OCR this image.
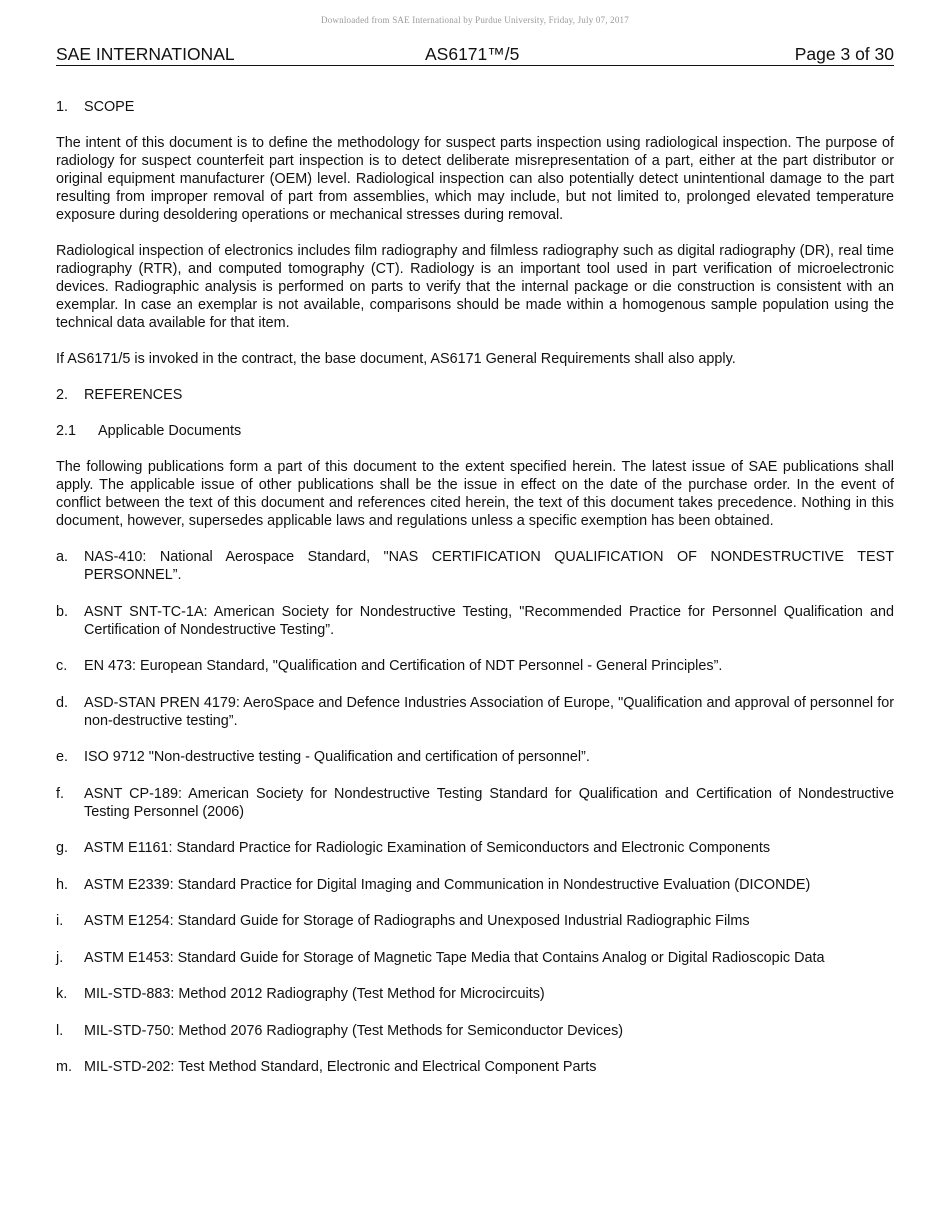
Downloaded from SAE International by Purdue University, Friday, July 07, 2017
SAE INTERNATIONAL	AS6171™/5	Page 3 of 30
1.	SCOPE

The intent of this document is to define the methodology for suspect parts inspection using radiological inspection. The purpose of radiology for suspect counterfeit part inspection is to detect deliberate misrepresentation of a part, either at the part distributor or original equipment manufacturer (OEM) level. Radiological inspection can also potentially detect unintentional damage to the part resulting from improper removal of part from assemblies, which may include, but not limited to, prolonged elevated temperature exposure during desoldering operations or mechanical stresses during removal.

Radiological inspection of electronics includes film radiography and filmless radiography such as digital radiography (DR), real time radiography (RTR), and computed tomography (CT). Radiology is an important tool used in part verification of microelectronic devices. Radiographic analysis is performed on parts to verify that the internal package or die construction is consistent with an exemplar. In case an exemplar is not available, comparisons should be made within a homogenous sample population using the technical data available for that item.

If AS6171/5 is invoked in the contract, the base document, AS6171 General Requirements shall also apply.

2.	REFERENCES
2.1	Applicable Documents

The following publications form a part of this document to the extent specified herein. The latest issue of SAE publications shall apply. The applicable issue of other publications shall be the issue in effect on the date of the purchase order. In the event of conflict between the text of this document and references cited herein, the text of this document takes precedence. Nothing in this document, however, supersedes applicable laws and regulations unless a specific exemption has been obtained.

a.	NAS-410: National Aerospace Standard, "NAS CERTIFICATION QUALIFICATION OF NONDESTRUCTIVE TEST PERSONNEL”.
b.	ASNT SNT-TC-1A: American Society for Nondestructive Testing, "Recommended Practice for Personnel Qualification and Certification of Nondestructive Testing”.
c.	EN 473: European Standard, "Qualification and Certification of NDT Personnel - General Principles”.
d.	ASD-STAN PREN 4179: AeroSpace and Defence Industries Association of Europe, "Qualification and approval of personnel for non-destructive testing”.
e.	ISO 9712 "Non-destructive testing - Qualification and certification of personnel”.
f.	ASNT CP-189: American Society for Nondestructive Testing Standard for Qualification and Certification of Nondestructive Testing Personnel (2006)
g.	ASTM E1161: Standard Practice for Radiologic Examination of Semiconductors and Electronic Components
h.	ASTM E2339: Standard Practice for Digital Imaging and Communication in Nondestructive Evaluation (DICONDE)
i.	ASTM E1254: Standard Guide for Storage of Radiographs and Unexposed Industrial Radiographic Films
j.	ASTM E1453: Standard Guide for Storage of Magnetic Tape Media that Contains Analog or Digital Radioscopic Data
k.	MIL-STD-883: Method 2012 Radiography (Test Method for Microcircuits)
l.	MIL-STD-750: Method 2076 Radiography (Test Methods for Semiconductor Devices)
m. MIL-STD-202: Test Method Standard, Electronic and Electrical Component Parts
